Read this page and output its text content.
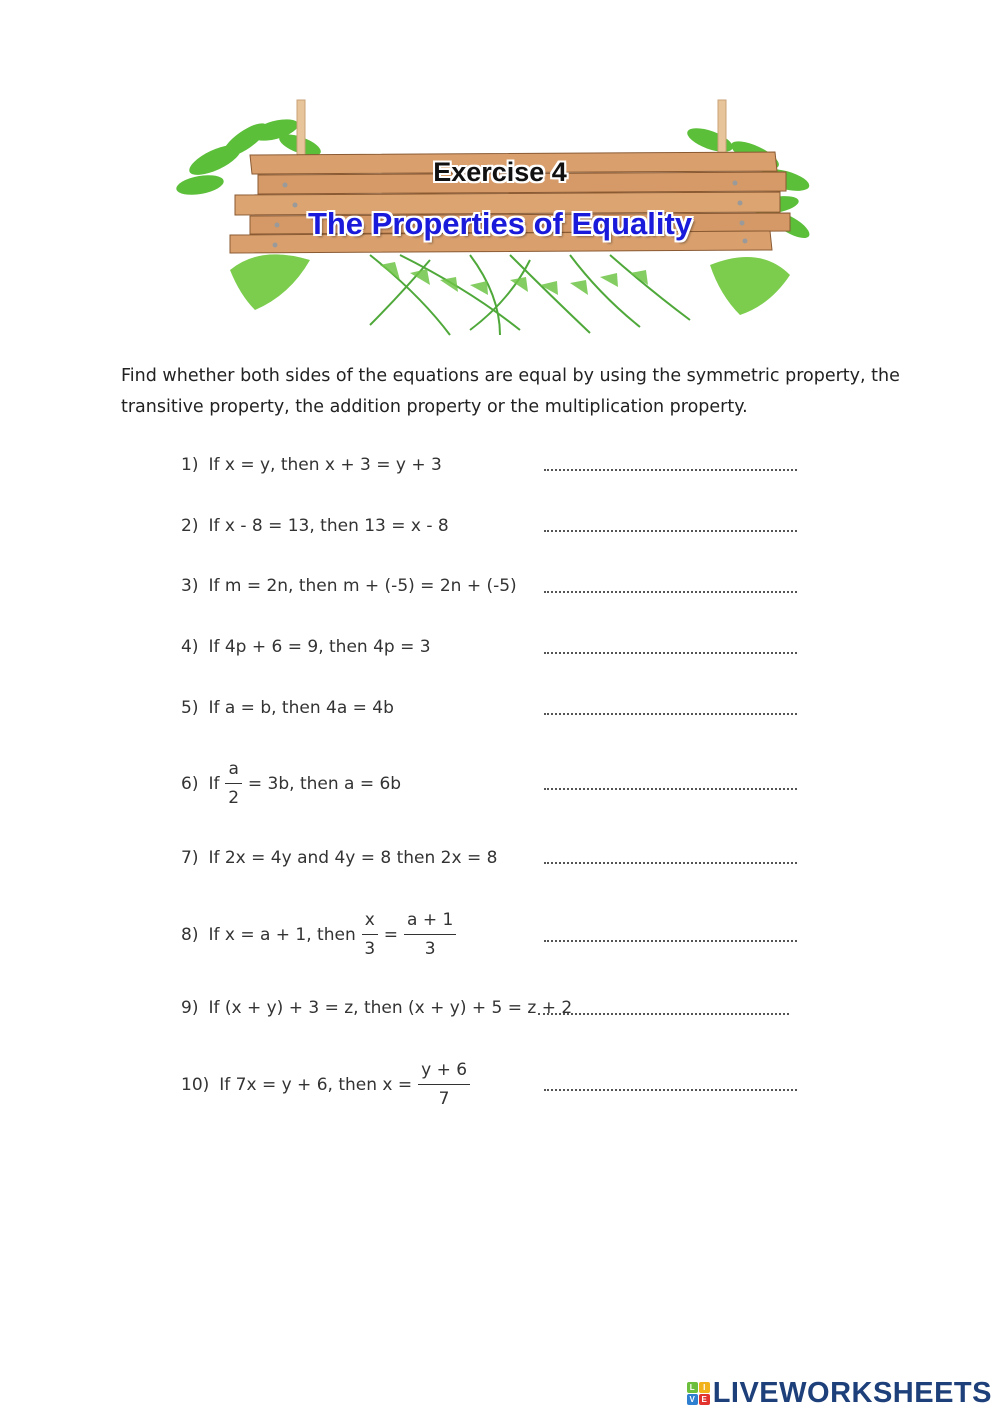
Exercise 4
The Properties of Equality
Find whether both sides of the equations are equal by using the symmetric property, the transitive property, the addition property or the multiplication property.
1) If x = y, then x + 3 = y + 3
2) If x - 8 = 13, then 13 = x - 8
3) If m = 2n, then m + (-5) = 2n + (-5)
4) If 4p + 6 = 9, then 4p = 3
5) If a = b, then 4a = 4b
6) If $\frac{a}{2} = 3b$, then a = 6b
7) If 2x = 4y and 4y = 8 then 2x = 8
8) If x = a + 1, then $\frac{x}{3} = \frac{a + 1}{3}$
9) If (x + y) + 3 = z, then (x + y) + 5 = z + 2
10) If 7x = y + 6, then $x = \frac{y + 6}{7}$
L	I
V E LIVEWORKSHEETS
